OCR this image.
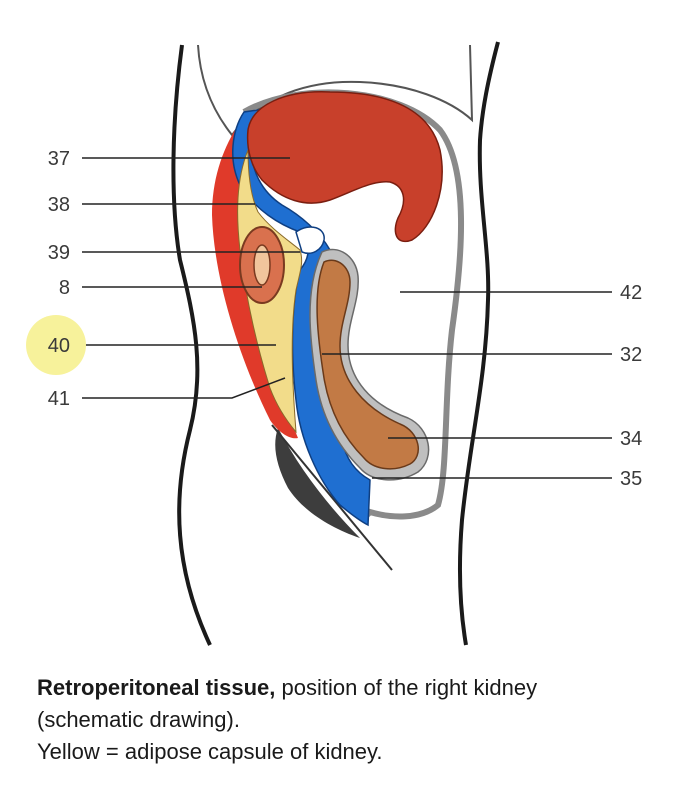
37
38
39
8
40
41
42
32
34
35
Retroperitoneal tissue, position of the right kidney
(schematic drawing).
Yellow = adipose capsule of kidney.
